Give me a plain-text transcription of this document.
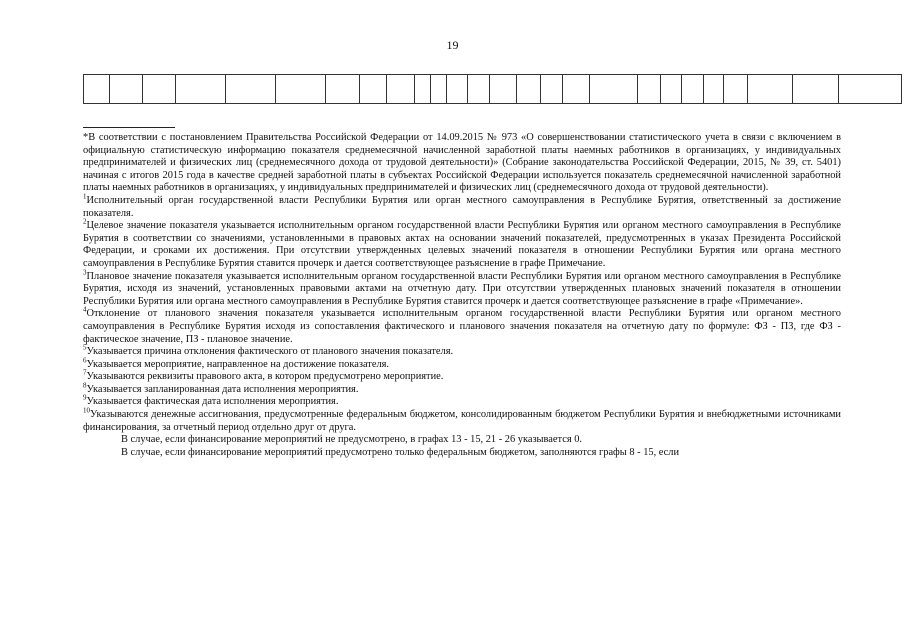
19

*В соответствии с постановлением Правительства Российской Федерации от 14.09.2015 № 973 «О совершенствовании статистического учета в связи с включением в официальную статистическую информацию показателя среднемесячной начисленной заработной платы наемных работников в организациях, у индивидуальных предпринимателей и физических лиц (среднемесячного дохода от трудовой деятельности)» (Собрание законодательства Российской Федерации, 2015, № 39, ст. 5401) начиная с итогов 2015 года в качестве средней заработной платы в субъектах Российской Федерации используется показатель среднемесячной начисленной заработной платы наемных работников в организациях, у индивидуальных предпринимателей и физических лиц (среднемесячного дохода от трудовой деятельности).

$^1$Исполнительный орган государственной власти Республики Бурятия или орган местного самоуправления в Республике Бурятия, ответственный за достижение показателя.

$^2$Целевое значение показателя указывается исполнительным органом государственной власти Республики Бурятия или органом местного самоуправления в Республике Бурятия в соответствии со значениями, установленными в правовых актах на основании значений показателей, предусмотренных в указах Президента Российской Федерации, и сроками их достижения. При отсутствии утвержденных целевых значений показателя в отношении Республики Бурятия или органа местного самоуправления в Республике Бурятия ставится прочерк и дается соответствующее разъяснение в графе Примечание.

$^3$Плановое значение показателя указывается исполнительным органом государственной власти Республики Бурятия или органом местного самоуправления в Республике Бурятия, исходя из значений, установленных правовыми актами на отчетную дату. При отсутствии утвержденных плановых значений показателя в отношении Республики Бурятия или органа местного самоуправления в Республике Бурятия ставится прочерк и дается соответствующее разъяснение в графе «Примечание».

$^4$Отклонение от планового значения показателя указывается исполнительным органом государственной власти Республики Бурятия или органом местного самоуправления в Республике Бурятия исходя из сопоставления фактического и планового значения показателя на отчетную дату по формуле: ФЗ - ПЗ, где ФЗ - фактическое значение, ПЗ - плановое значение.

$^5$Указывается причина отклонения фактического от планового значения показателя.

$^6$Указывается мероприятие, направленное на достижение показателя.

$^7$Указываются реквизиты правового акта, в котором предусмотрено мероприятие.

$^8$Указывается запланированная дата исполнения мероприятия.

$^9$Указывается фактическая дата исполнения мероприятия.

$^{10}$Указываются денежные ассигнования, предусмотренные федеральным бюджетом, консолидированным бюджетом Республики Бурятия и внебюджетными источниками финансирования, за отчетный период отдельно друг от друга.

В случае, если финансирование мероприятий не предусмотрено, в графах 13 - 15, 21 - 26 указывается 0.

В случае, если финансирование мероприятий предусмотрено только федеральным бюджетом, заполняются графы 8 - 15, если
